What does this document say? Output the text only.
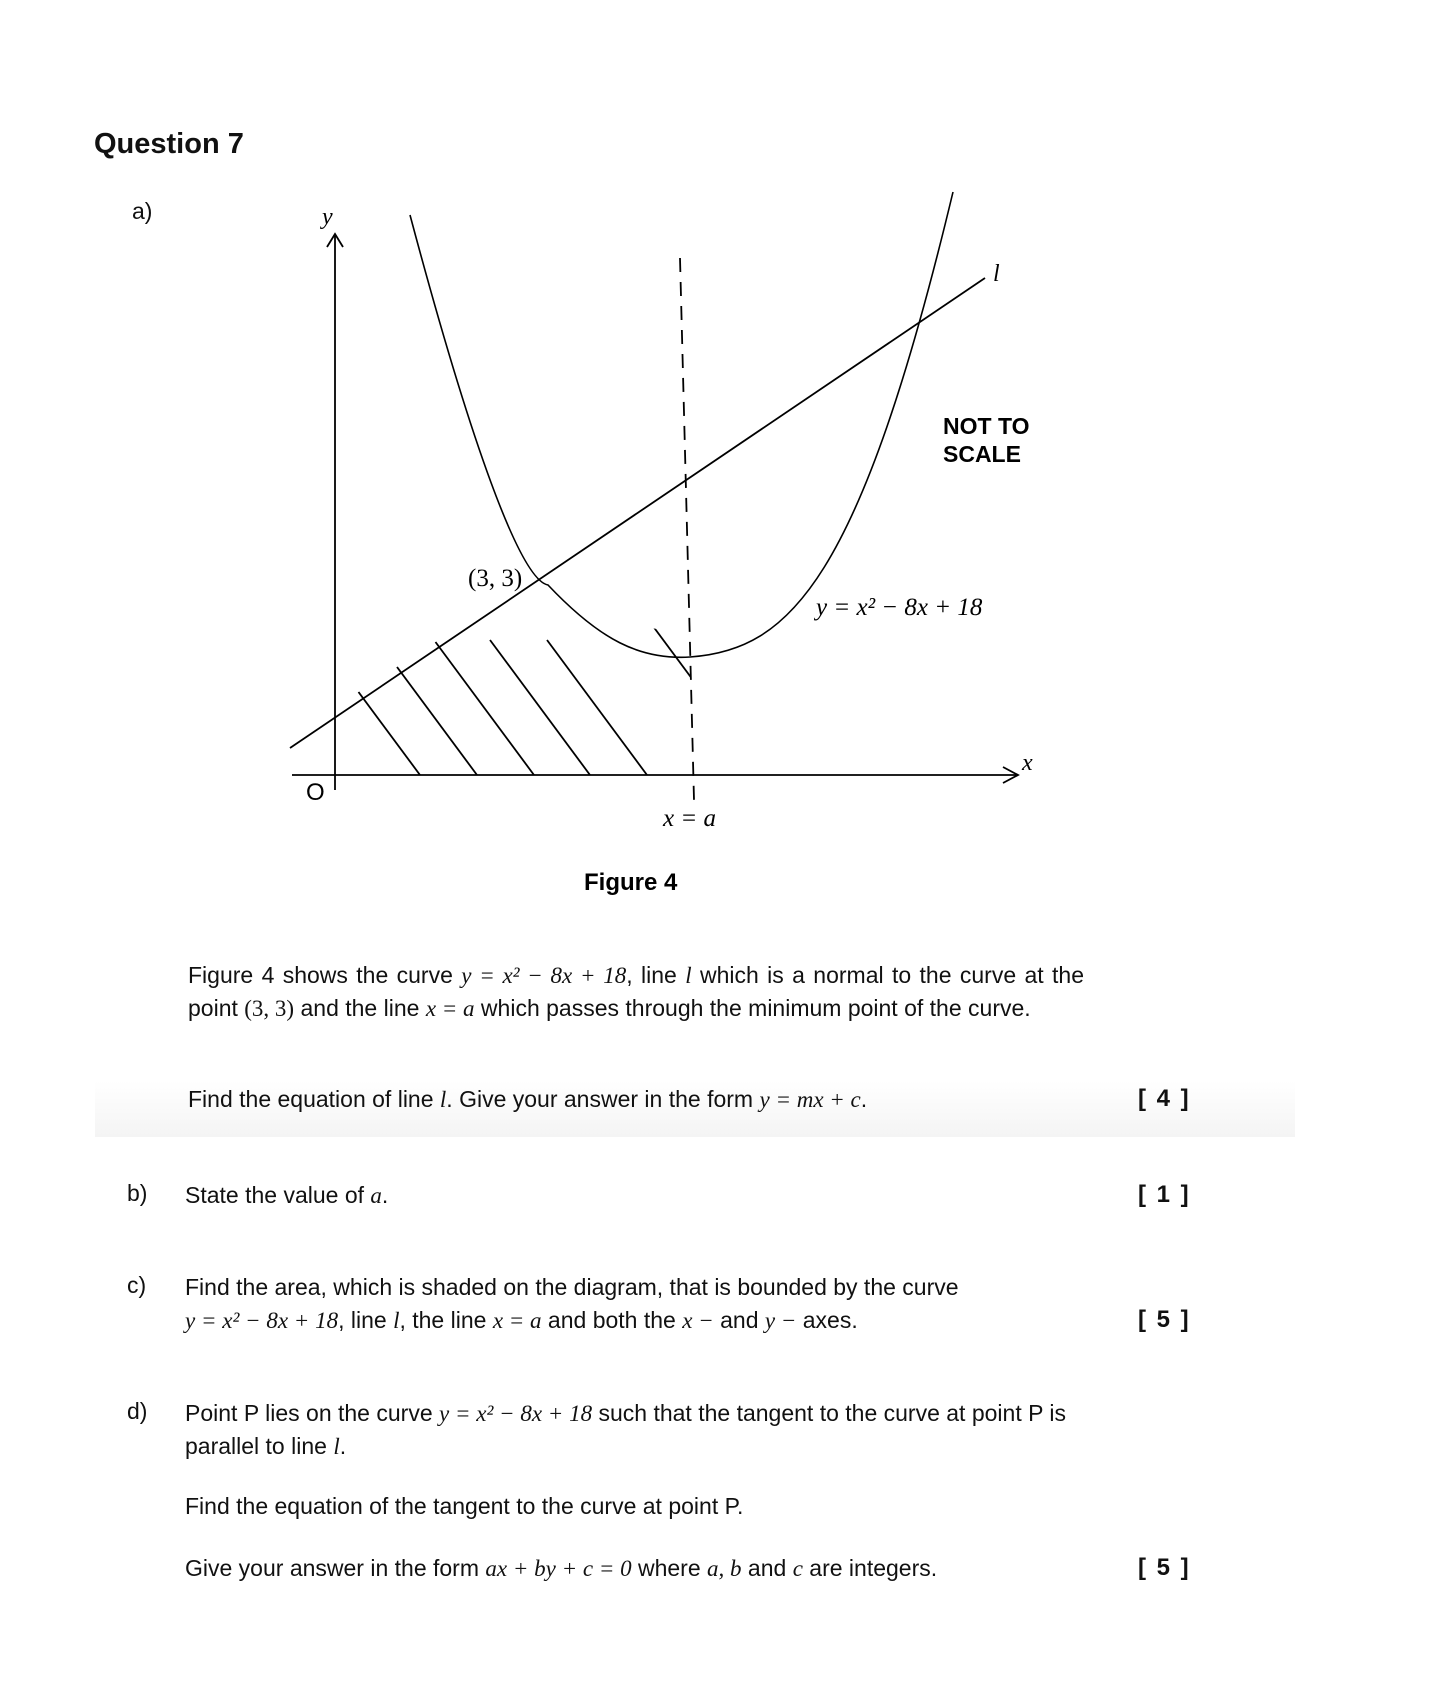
Question 7
a)	y
x
O
l
(3, 3)
y = x² − 8x + 18
x = a
NOT TO
SCALE
Figure 4
Figure 4 shows the curve y = x² − 8x + 18, line l which is a normal to the curve at the point (3, 3) and the line x = a which passes through the minimum point of the curve.
Find the equation of line l. Give your answer in the form y = mx + c.	[ 4 ]
b) State the value of a.	[ 1 ]
c) Find the area, which is shaded on the diagram, that is bounded by the curve
y = x² − 8x + 18, line l, the line x = a and both the x − and y − axes.	[ 5 ]
d) Point P lies on the curve y = x² − 8x + 18 such that the tangent to the curve at point P is parallel to line l.
Find the equation of the tangent to the curve at point P.
Give your answer in the form ax + by + c = 0 where a, b and c are integers.	[ 5 ]
